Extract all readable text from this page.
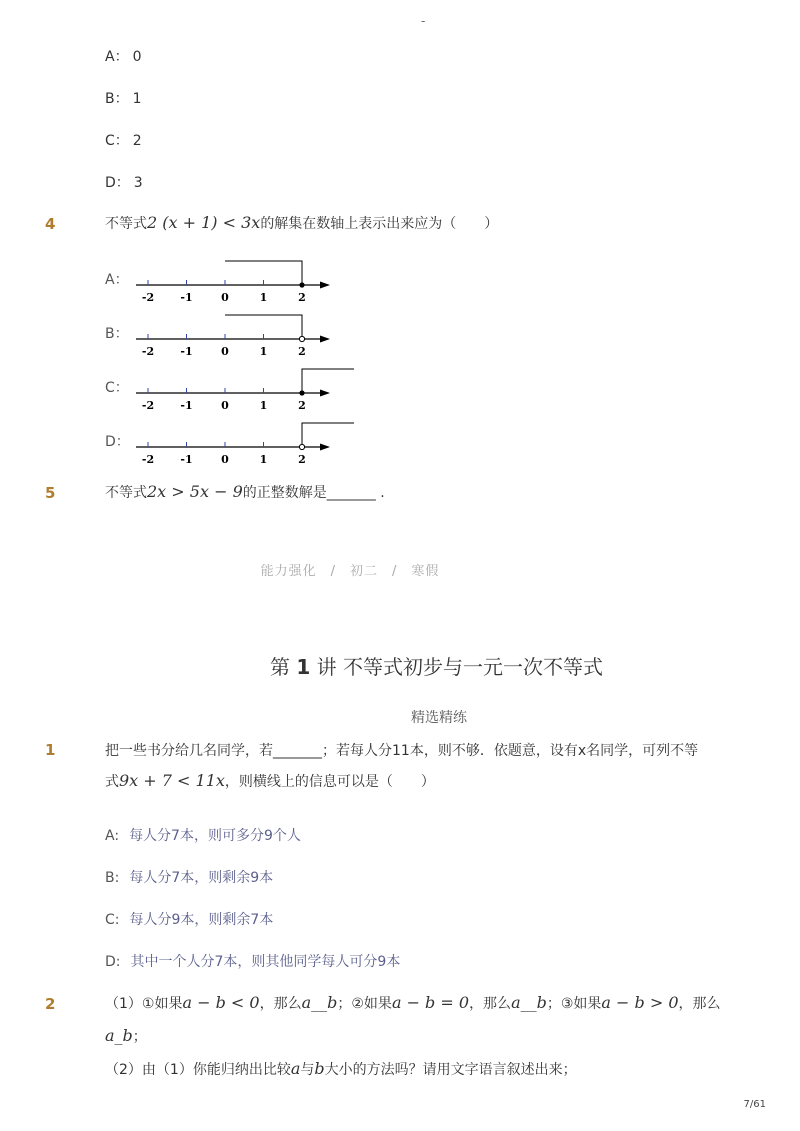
-
A： 0
B： 1
C： 2
D： 3
4	不等式2 (x + 1) < 3x的解集在数轴上表示出来应为（　　）
A：
B：
C：
D：
-2 -1	0	1	2
-2 -1	0	1	2
-2 -1	0	1	2
-2 -1	0	1	2
5	不等式2x > 5x − 9的正整数解是_______ .
能力强化　/　初二　/　寒假
第 1 讲 不等式初步与一元一次不等式
精选精练
1	把一些书分给几名同学，若_______；若每人分11本，则不够．依题意，设有x名同学，可列不等
式9x + 7 < 11x，则横线上的信息可以是（　　）
A: 每人分7本，则可多分9个人
B: 每人分7本，则剩余9本
C: 每人分9本，则剩余7本
D: 其中一个人分7本，则其他同学每人可分9本
2	（1）①如果a − b < 0，那么a__b；②如果a − b = 0，那么a__b；③如果a − b > 0，那么
a_b；
（2）由（1）你能归纳出比较a与b大小的方法吗？请用文字语言叙述出来；
7/61
